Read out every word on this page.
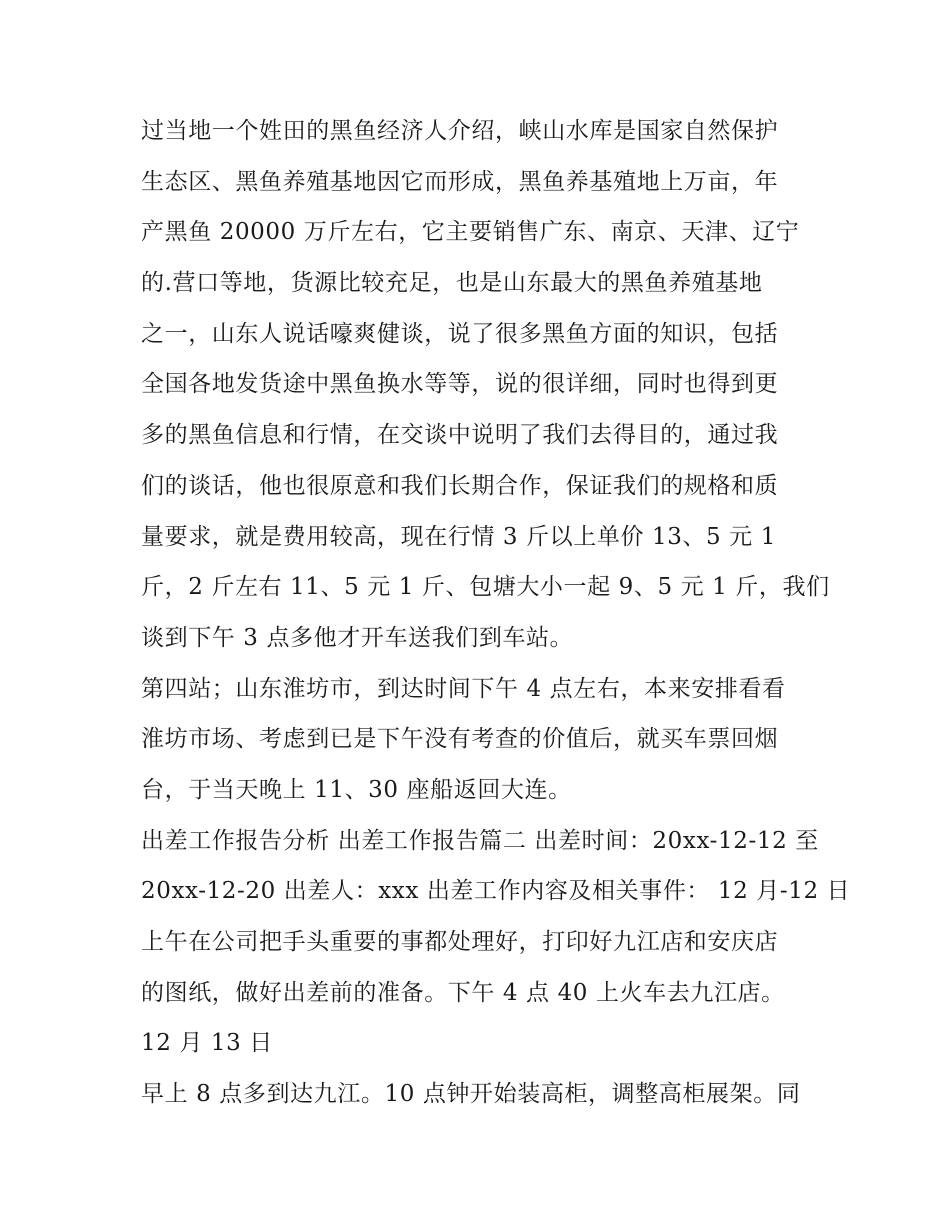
过当地一个姓田的黑鱼经济人介绍，峡山水库是国家自然保护
生态区、黑鱼养殖基地因它而形成，黑鱼养基殖地上万亩，年
产黑鱼 20000 万斤左右，它主要销售广东、南京、天津、辽宁
的.营口等地，货源比较充足，也是山东最大的黑鱼养殖基地
之一，山东人说话嚎爽健谈，说了很多黑鱼方面的知识，包括
全国各地发货途中黑鱼换水等等，说的很详细，同时也得到更
多的黑鱼信息和行情，在交谈中说明了我们去得目的，通过我
们的谈话，他也很原意和我们长期合作，保证我们的规格和质
量要求，就是费用较高，现在行情 3 斤以上单价 13、5 元 1
斤，2 斤左右 11、5 元 1 斤、包塘大小一起 9、5 元 1 斤，我们
谈到下午 3 点多他才开车送我们到车站。
第四站；山东淮坊市，到达时间下午 4 点左右，本来安排看看
淮坊市场、考虑到已是下午没有考查的价值后，就买车票回烟
台，于当天晚上 11、30 座船返回大连。
出差工作报告分析 出差工作报告篇二 出差时间：20xx-12-12 至
20xx-12-20 出差人：xxx 出差工作内容及相关事件： 12 月-12 日
上午在公司把手头重要的事都处理好，打印好九江店和安庆店
的图纸，做好出差前的准备。下午 4 点 40 上火车去九江店。
12 月 13 日
早上 8 点多到达九江。10 点钟开始装高柜，调整高柜展架。同
